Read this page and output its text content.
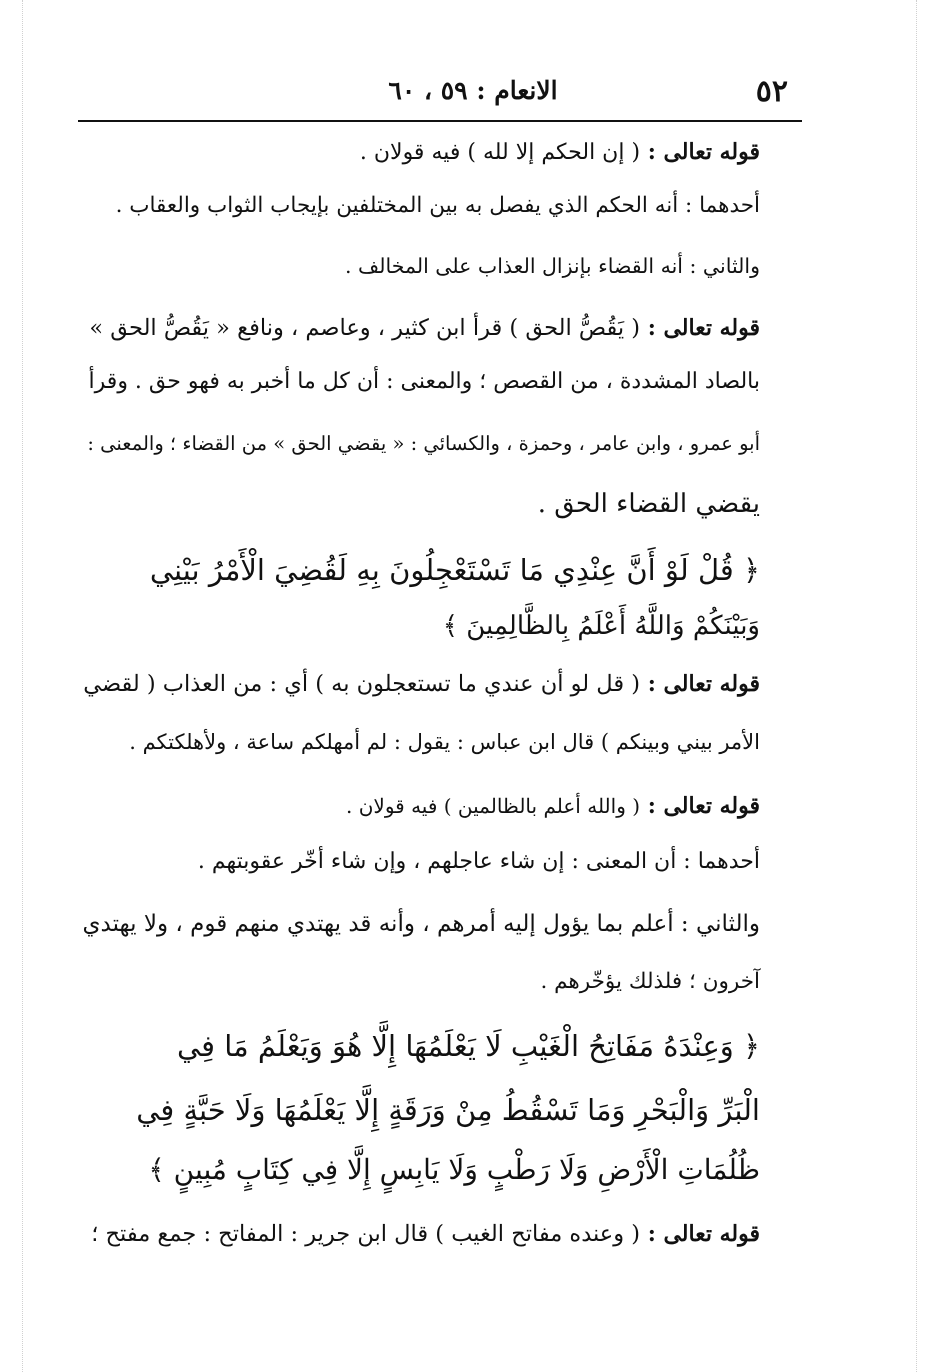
الانعام : ٥٩ ، ٦٠	٥٢
قوله تعالى : ( إن الحكم إلا لله ) فيه قولان .
أحدهما : أنه الحكم الذي يفصل به بين المختلفين بإيجاب الثواب والعقاب .
والثاني : أنه القضاء بإنزال العذاب على المخالف .
قوله تعالى : ( يَقُصُّ الحق ) قرأ ابن كثير ، وعاصم ، ونافع « يَقُصُّ الحق »
بالصاد المشددة ، من القصص ؛ والمعنى : أن كل ما أخبر به فهو حق . وقرأ
أبو عمرو ، وابن عامر ، وحمزة ، والكسائي : « يقضي الحق » من القضاء ؛ والمعنى :
يقضي القضاء الحق .
﴿ قُلْ لَوْ أَنَّ عِنْدِي مَا تَسْتَعْجِلُونَ بِهِ لَقُضِيَ الْأَمْرُ بَيْنِي
وَبَيْنَكُمْ وَاللَّهُ أَعْلَمُ بِالظَّالِمِينَ ﴾
قوله تعالى : ( قل لو أن عندي ما تستعجلون به ) أي : من العذاب ( لقضي
الأمر بيني وبينكم ) قال ابن عباس : يقول : لم أمهلكم ساعة ، ولأهلكتكم .
قوله تعالى : ( والله أعلم بالظالمين ) فيه قولان .
أحدهما : أن المعنى : إن شاء عاجلهم ، وإن شاء أخّر عقوبتهم .
والثاني : أعلم بما يؤول إليه أمرهم ، وأنه قد يهتدي منهم قوم ، ولا يهتدي
آخرون ؛ فلذلك يؤخّرهم .
﴿ وَعِنْدَهُ مَفَاتِحُ الْغَيْبِ لَا يَعْلَمُهَا إِلَّا هُوَ وَيَعْلَمُ مَا فِي
الْبَرِّ وَالْبَحْرِ وَمَا تَسْقُطُ مِنْ وَرَقَةٍ إِلَّا يَعْلَمُهَا وَلَا حَبَّةٍ فِي
ظُلُمَاتِ الْأَرْضِ وَلَا رَطْبٍ وَلَا يَابِسٍ إِلَّا فِي كِتَابٍ مُبِينٍ ﴾
قوله تعالى : ( وعنده مفاتح الغيب ) قال ابن جرير : المفاتح : جمع مفتح ؛
